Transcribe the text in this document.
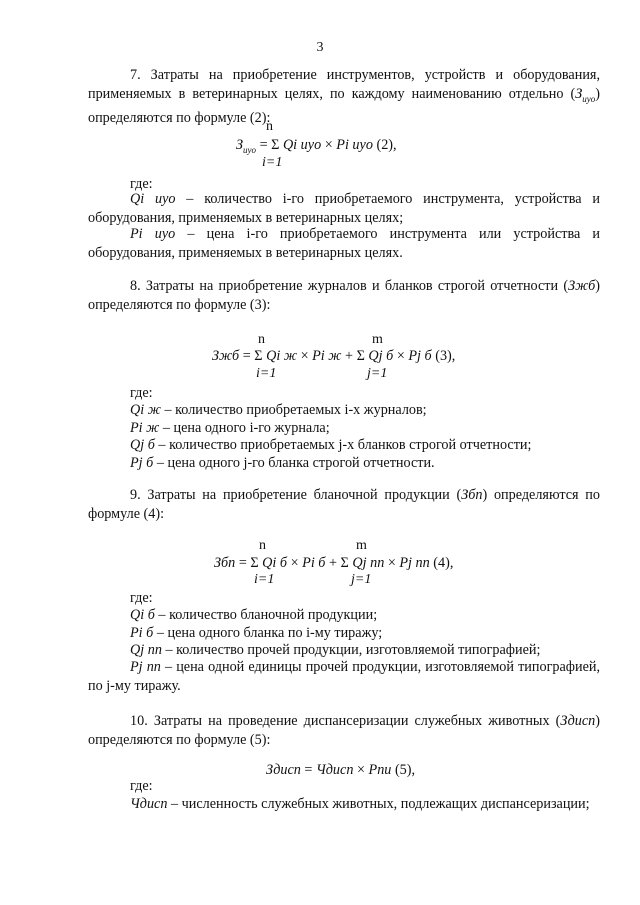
3
7. Затраты на приобретение инструментов, устройств и оборудования, применяемых в ветеринарных целях, по каждому наименованию отдельно $(З_{иуо})$ определяются по формуле (2):
n
$З_{иуо} = \Sigma$ Qi иуо × Pi иуо (2),
i=1
где:
Qi иуо – количество i-го приобретаемого инструмента, устройства и оборудования, применяемых в ветеринарных целях;
Pi иуо – цена i-го приобретаемого инструмента или устройства и оборудования, применяемых в ветеринарных целях.
8. Затраты на приобретение журналов и бланков строгой отчетности (Зжб) определяются по формуле (3):
n	m
Зжб = Σ Qi ж × Pi ж + Σ Qj б × Pj б (3),
i=1	j=1
где:
Qi ж – количество приобретаемых i-х журналов;
Pi ж – цена одного i-го журнала;
Qj б – количество приобретаемых j-х бланков строгой отчетности;
Pj б – цена одного j-го бланка строгой отчетности.
9. Затраты на приобретение бланочной продукции (Збп) определяются по формуле (4):
n	m
Збп = Σ Qi б × Pi б + Σ Qj пп × Pj пп (4),
i=1	j=1
где:
Qi б – количество бланочной продукции;
Pi б – цена одного бланка по i-му тиражу;
Qj пп – количество прочей продукции, изготовляемой типографией;
Pj пп – цена одной единицы прочей продукции, изготовляемой типографией, по j-му тиражу.
10. Затраты на проведение диспансеризации служебных животных (Здисп) определяются по формуле (5):
Здисп = Чдисп × Рпи (5),
где:
Чдисп – численность служебных животных, подлежащих диспансеризации;
